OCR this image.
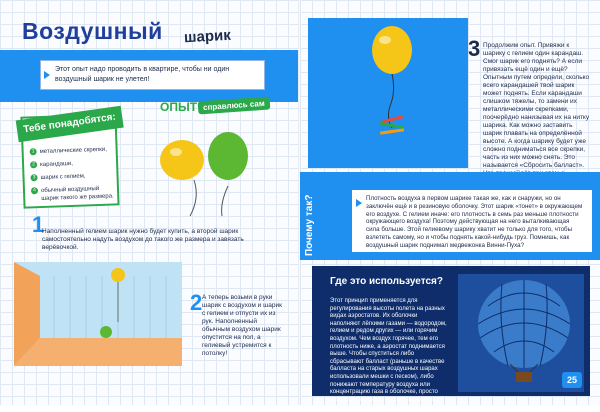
Воздушный шарик
Этот опыт надо проводить в квартире, чтобы ни один воздушный шарик не улетел!
ОПЫТ справлюсь сам
Тебе понадобятся:
1 металлические скрепки,
2 карандаши,
3 шарик с гелием,
4 обычный воздушный шарик такого же размера.
1
Наполненный гелием шарик нужно будет купить, а второй шарик самостоятельно надуть воздухом до такого же размера и завязать верёвочкой.
2 А теперь возьми в руки шарик с воздухом и шарик с гелием и отпусти их из рук. Наполненный обычным воздухом шарик опустится на пол, а гелиевый устремится к потолку!
3 Продолжим опыт. Привяжи к шарику с гелием один карандаш. Смог шарик его поднять? А если привязать ещё один и ещё? Опытным путем определи, сколько всего карандашей твой шарик может поднять. Если карандаши слишком тяжелы, то замени их металлическими скрепками, поочерёдно нанизывая их на нитку шарика. Как можно заставить шарик плавать на определённой высоте. А когда шарику будет уже сложно подниматься все скрепки, часть из них можно снять. Это называется «Сбросить балласт».
Почему так?	Плотность воздуха в первом шарике такая же, как и снаружи, но он заключён ещё и в резиновую оболочку. Этот шарик «тонет» в окружающем его воздухе. С гелием иначе: его плотность в семь раз меньше плотности окружающего воздуха! Поэтому действующая на него выталкивающая сила больше. Этой гелиевому шарику хватит не только для того, чтобы взлететь самому, но и чтобы поднять какой-нибудь груз. Помнишь, как воздушный шарик поднимал медвежонка Винни-Пуха?
Где это используется?
Этот принцип применяется для регулирования высоты полета на разных видах аэростатов. Их оболочки наполняют лёгкими газами — водородом, гелием и редом других — или горячим воздухом. Чем воздух горячее, тем его плотность ниже, а аэростат поднимается выше. Чтобы спуститься либо сбрасывают балласт (раньше в качестве балласта на старых воздушных шарах использовали мешки с песком), либо понижают температуру воздуха или концентрацию газа в оболочке, просто выпуская его через специальный клапан наружу.
25
